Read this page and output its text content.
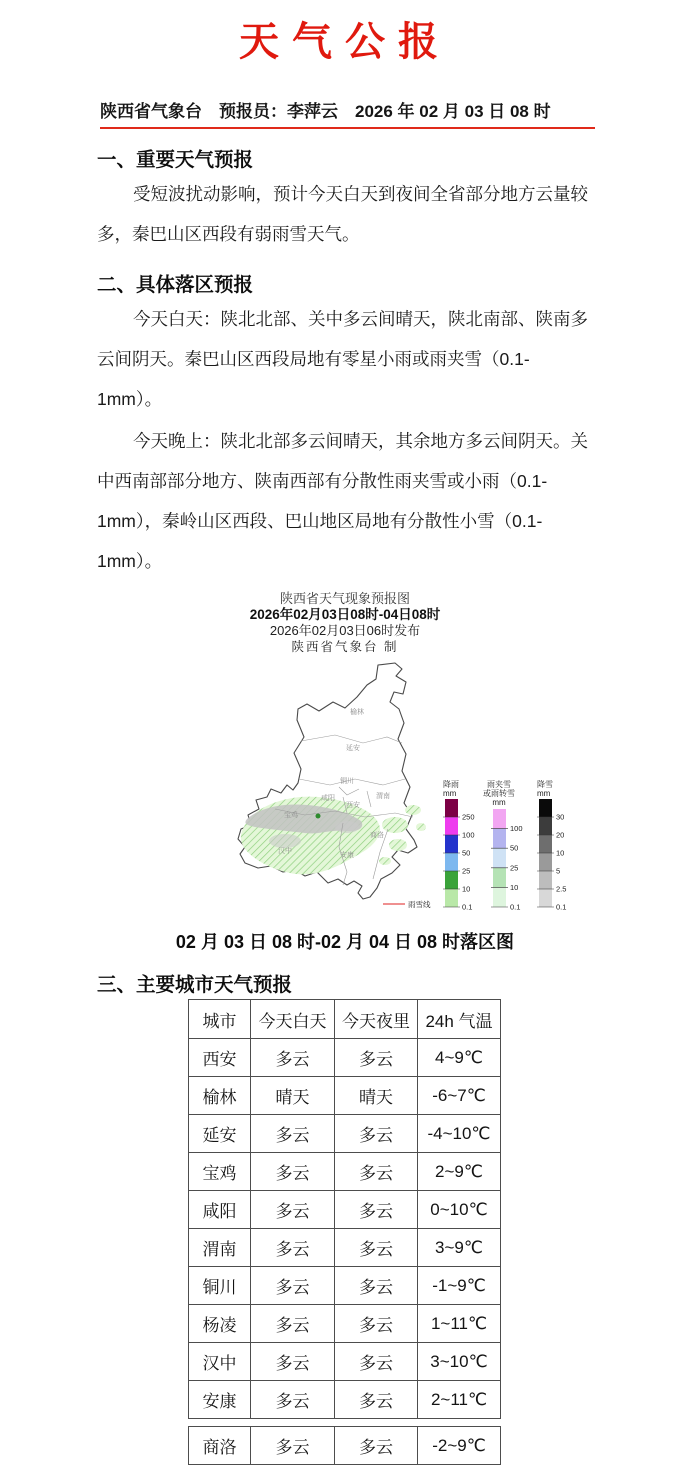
天气公报
陕西省气象台　预报员：李萍云　2026 年 02 月 03 日 08 时
一、重要天气预报

受短波扰动影响，预计今天白天到夜间全省部分地方云量较多，秦巴山区西段有弱雨雪天气。

二、具体落区预报

今天白天：陕北北部、关中多云间晴天，陕北南部、陕南多云间阴天。秦巴山区西段局地有零星小雨或雨夹雪（0.1-1mm）。

今天晚上：陕北北部多云间晴天，其余地方多云间阴天。关中西南部部分地方、陕南西部有分散性雨夹雪或小雨（0.1-1mm），秦岭山区西段、巴山地区局地有分散性小雪（0.1-1mm）。

陕西省天气现象预报图
2026年02月03日08时-04日08时
2026年02月03日06时发布
陕西省气象台 制
榆林
延安
铜川
咸阳
西安
渭南
宝鸡
汉中
安康
商洛
降雨
mm
250
100
50
25
10
0.1
雨夹雪
或雨转雪
mm
100
50
25
10
0.1
降雪
mm
30
20
10
5
2.5
0.1
雨雪线
02 月 03 日 08 时-02 月 04 日 08 时落区图
三、主要城市天气预报
城市	今天白天	今天夜里	24h 气温
西安	多云	多云	4~9℃
榆林	晴天	晴天	-6~7℃
延安	多云	多云	-4~10℃
宝鸡	多云	多云	2~9℃
咸阳	多云	多云	0~10℃
渭南	多云	多云	3~9℃
铜川	多云	多云	-1~9℃
杨凌	多云	多云	1~11℃
汉中	多云	多云	3~10℃
安康	多云	多云	2~11℃
商洛	多云	多云	-2~9℃
